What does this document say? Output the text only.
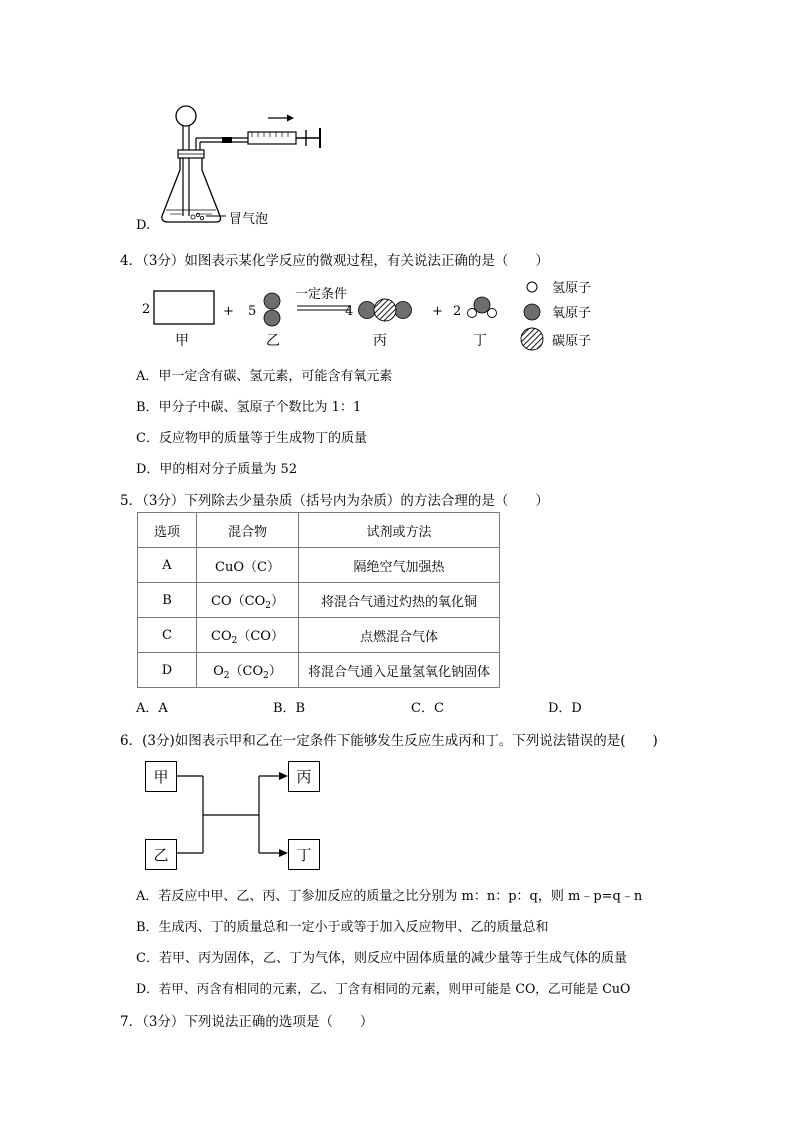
D.	冒气泡
4．（3分）如图表示某化学反应的微观过程，有关说法正确的是（　　）
2
甲
+ 5
乙
一定条件
4
丙
+ 2
丁
氢原子
氧原子
碳原子
A．甲一定含有碳、氢元素，可能含有氧元素
B．甲分子中碳、氢原子个数比为 1：1
C．反应物甲的质量等于生成物丁的质量
D．甲的相对分子质量为 52
5．（3分）下列除去少量杂质（括号内为杂质）的方法合理的是（　　）
选项	混合物	试剂或方法
A	CuO（C）	隔绝空气加强热
B	$CO(CO_2)$	将混合气通过灼热的氧化铜
C	$CO_2(CO)$	点燃混合气体
D	$O_2(CO_2)$	将混合气通入足量氢氧化钠固体
A．A	B．B	C．C	D．D
6．(3分)如图表示甲和乙在一定条件下能够发生反应生成丙和丁。下列说法错误的是(　　)
甲
乙
丙
丁
A．若反应中甲、乙、丙、丁参加反应的质量之比分别为 m：n：p：q，则 m﹣p=q﹣n
B．生成丙、丁的质量总和一定小于或等于加入反应物甲、乙的质量总和
C．若甲、丙为固体，乙、丁为气体，则反应中固体质量的减少量等于生成气体的质量
D．若甲、丙含有相同的元素，乙、丁含有相同的元素，则甲可能是 CO，乙可能是 CuO
7．（3分）下列说法正确的选项是（　　）
